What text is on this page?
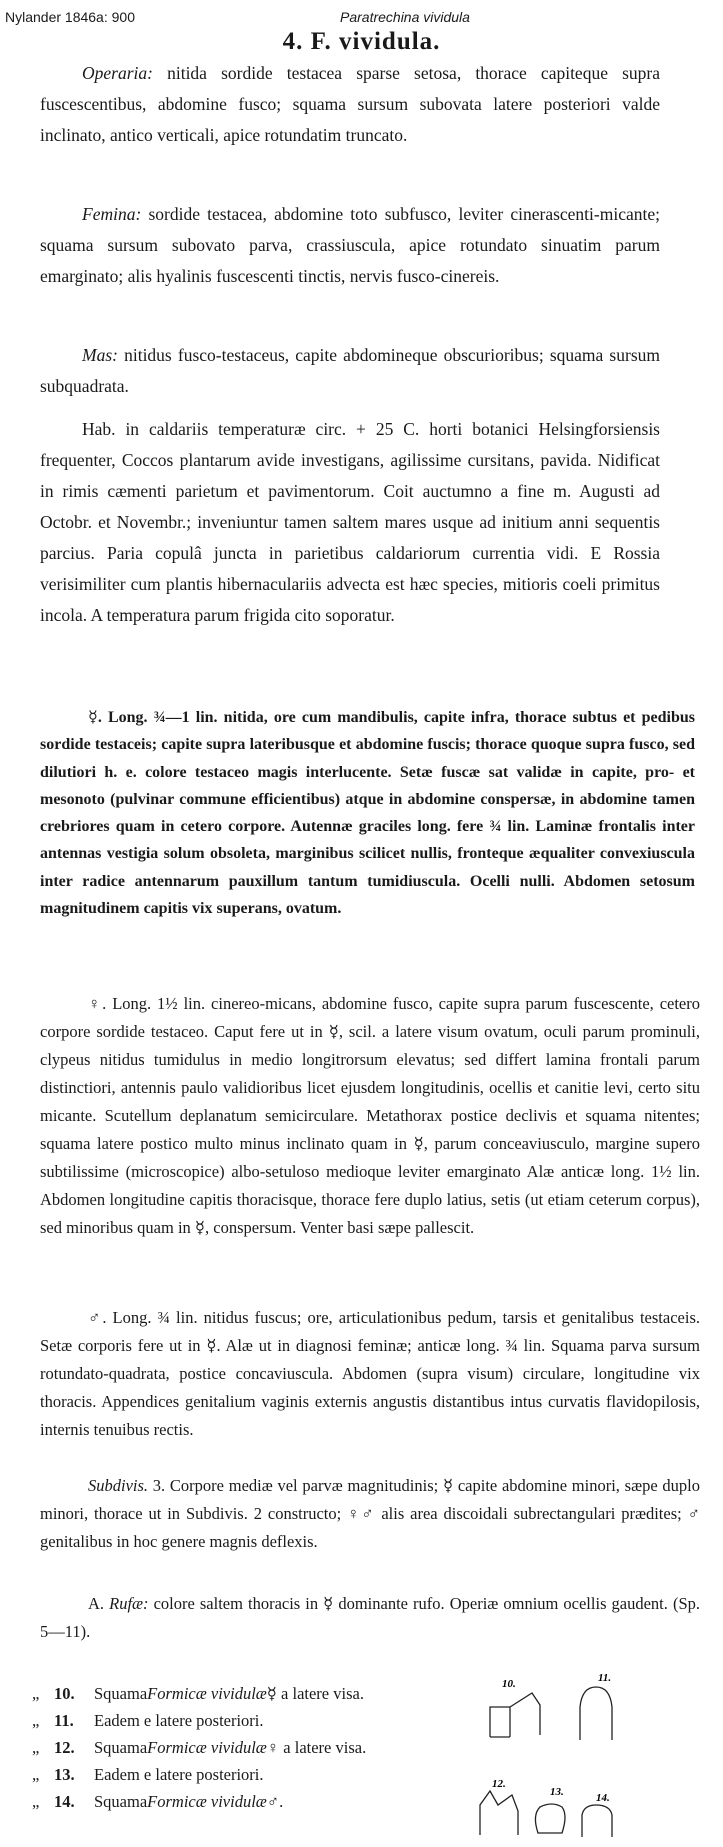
Nylander 1846a: 900	Paratrechina vividula
4. F. vividula.
Operaria: nitida sordide testacea sparse setosa, thorace capiteque supra fuscescentibus, abdomine fusco; squama sursum subovata latere posteriori valde inclinato, antico verticali, apice rotundatim truncato.
Femina: sordide testacea, abdomine toto subfusco, leviter cinerascenti-micante; squama sursum subovato parva, crassiuscula, apice rotundato sinuatim parum emarginato; alis hyalinis fuscescenti tinctis, nervis fusco-cinereis.
Mas: nitidus fusco-testaceus, capite abdomineque obscurioribus; squama sursum subquadrata.
Hab. in caldariis temperaturæ circ. + 25 C. horti botanici Helsingforsiensis frequenter, Coccos plantarum avide investigans, agilissime cursitans, pavida. Nidificat in rimis cæmenti parietum et pavimentorum. Coit auctumno a fine m. Augusti ad Octobr. et Novembr.; inveniuntur tamen saltem mares usque ad initium anni sequentis parcius. Paria copulâ juncta in parietibus caldariorum currentia vidi. E Rossia verisimiliter cum plantis hibernaculariis advecta est hæc species, mitioris coeli primitus incola. A temperatura parum frigida cito soporatur.
☿. Long. ¾—1 lin. nitida, ore cum mandibulis, capite infra, thorace subtus et pedibus sordide testaceis; capite supra lateribusque et abdomine fuscis; thorace quoque supra fusco, sed dilutiori h. e. colore testaceo magis interlucente. Setæ fuscæ sat validæ in capite, pro- et mesonoto (pulvinar commune efficientibus) atque in abdomine conspersæ, in abdomine tamen crebriores quam in cetero corpore. Autennæ graciles long. fere ¾ lin. Laminæ frontalis inter antennas vestigia solum obsoleta, marginibus scilicet nullis, fronteque æqualiter convexiuscula inter radice antennarum pauxillum tantum tumidiuscula. Ocelli nulli. Abdomen setosum magnitudinem capitis vix superans, ovatum.
♀. Long. 1½ lin. cinereo-micans, abdomine fusco, capite supra parum fuscescente, cetero corpore sordide testaceo. Caput fere ut in ☿, scil. a latere visum ovatum, oculi parum prominuli, clypeus nitidus tumidulus in medio longitrorsum elevatus; sed differt lamina frontali parum distinctiori, antennis paulo validioribus licet ejusdem longitudinis, ocellis et canitie levi, certo situ micante. Scutellum deplanatum semicirculare. Metathorax postice declivis et squama nitentes; squama latere postico multo minus inclinato quam in ☿, parum conceaviusculo, margine supero subtilissime (microscopice) albo-setuloso medioque leviter emarginato Alæ anticæ long. 1½ lin. Abdomen longitudine capitis thoracisque, thorace fere duplo latius, setis (ut etiam ceterum corpus), sed minoribus quam in ☿, conspersum. Venter basi sæpe pallescit.
♂. Long. ¾ lin. nitidus fuscus; ore, articulationibus pedum, tarsis et genitalibus testaceis. Setæ corporis fere ut in ☿. Alæ ut in diagnosi feminæ; anticæ long. ¾ lin. Squama parva sursum rotundato-quadrata, postice concaviuscula. Abdomen (supra visum) circulare, longitudine vix thoracis. Appendices genitalium vaginis externis angustis distantibus intus curvatis flavidopilosis, internis tenuibus rectis.
Subdivis. 3. Corpore mediæ vel parvæ magnitudinis; ☿ capite abdomine minori, sæpe duplo minori, thorace ut in Subdivis. 2 constructo; ♀♂ alis area discoidali subrectangulari prædites; ♂ genitalibus in hoc genere magnis deflexis.
A. Rufæ: colore saltem thoracis in ☿ dominante rufo. Operiæ omnium ocellis gaudent. (Sp. 5—11).
„ 10.	Squama Formicæ vividulæ ☿ a latere visa.
„ 11.	Eadem e latere posteriori.
„ 12.	Squama Formicæ vividulæ ♀ a latere visa.
„ 13.	Eadem e latere posteriori.
„ 14.	Squama Formicæ vividulæ ♂.
10.	11.
12.
13.	14.
